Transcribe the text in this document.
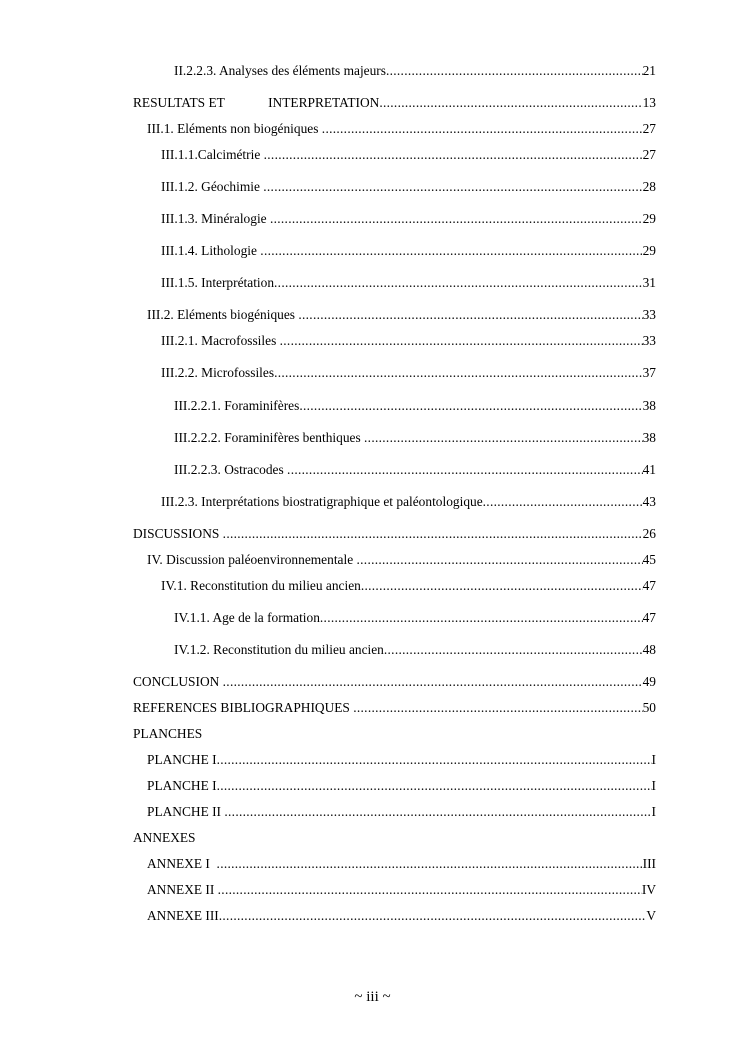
II.2.2.3. Analyses des éléments majeurs .....	21
RESULTATS ET             INTERPRETATION .....	13
III.1. Eléments non biogéniques .....	27
III.1.1.Calcimétrie .....	27
III.1.2. Géochimie .....	28
III.1.3. Minéralogie .....	29
III.1.4. Lithologie .....	29
III.1.5. Interprétation .....	31
III.2. Eléments biogéniques .....	33
III.2.1. Macrofossiles .....	33
III.2.2. Microfossiles .....	37
III.2.2.1. Foraminifères .....	38
III.2.2.2. Foraminifères benthiques .....	38
III.2.2.3. Ostracodes .....	41
III.2.3. Interprétations biostratigraphique et paléontologique .....	43
DISCUSSIONS .....	26
IV. Discussion paléoenvironnementale .....	45
IV.1. Reconstitution du milieu ancien .....	47
IV.1.1. Age de la formation .....	47
IV.1.2. Reconstitution du milieu ancien .....	48
CONCLUSION .....	49
REFERENCES BIBLIOGRAPHIQUES .....	50
PLANCHES
PLANCHE I .....	I
PLANCHE I .....	I
PLANCHE II .....	I
ANNEXES
ANNEXE I .....	III
ANNEXE II .....	IV
ANNEXE III .....	V
~ iii ~
